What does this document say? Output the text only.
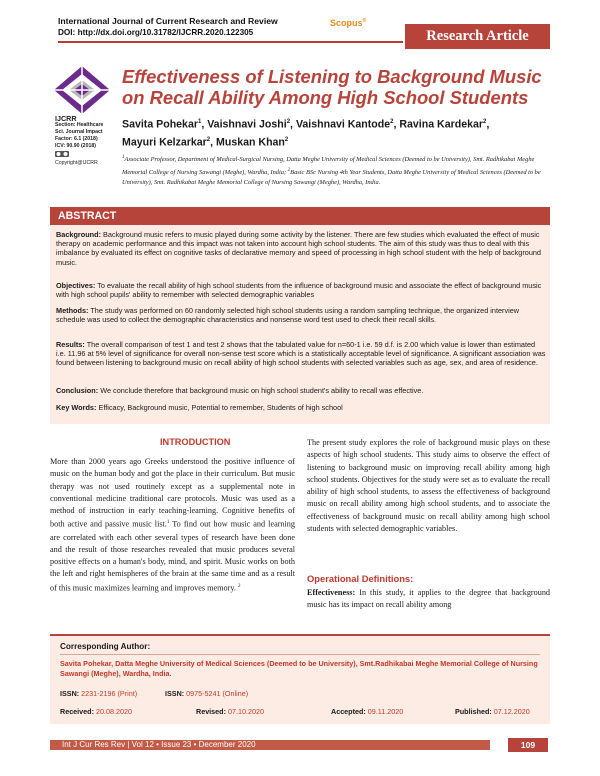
International Journal of Current Research and Review
DOI: http://dx.doi.org/10.31782/IJCRR.2020.122305
Scopus®
Research Article
IJCRR
Section: Healthcare
Sci. Journal Impact
Factor: 6.1 (2018)
ICV: 90.90 (2018)
Copyright@IJCRR
Effectiveness of Listening to Background Music on Recall Ability Among High School Students
Savita Pohekar$^1$, Vaishnavi Joshi$^2$, Vaishnavi Kantode$^2$, Ravina Kardekar$^2$,
Mayuri Kelzarkar$^2$, Muskan Khan$^2$
$^1$Associate Professor, Department of Medical-Surgical Nursing, Datta Meghe University of Medical Sciences (Deemed to be University), Smt. Radhikabai Meghe Memorial College of Nursing Sawangi (Meghe), Wardha, India; $^2$Basic BSc Nursing 4th Year Students, Datta Meghe University of Medical Sciences (Deemed to be University), Smt. Radhikabai Meghe Memorial College of Nursing Sawangi (Meghe), Wardha, India.
ABSTRACT
Background: Background music refers to music played during some activity by the listener. There are few studies which evaluated the effect of music therapy on academic performance and this impact was not taken into account high school students. The aim of this study was thus to deal with this imbalance by evaluated its effect on cognitive tasks of declarative memory and speed of processing in high school student with the help of background music.
Objectives: To evaluate the recall ability of high school students from the influence of background music and associate the effect of background music with high school pupils' ability to remember with selected demographic variables
Methods: The study was performed on 60 randomly selected high school students using a random sampling technique, the organized interview schedule was used to collect the demographic characteristics and nonsense word test used to check their recall skills.
Results: The overall comparison of test 1 and test 2 shows that the tabulated value for n=60-1 i.e. 59 d.f. is 2.00 which value is lower than estimated i.e. 11.96 at 5% level of significance for overall non-sense test score which is a statistically acceptable level of significance. A significant association was found between listening to background music on recall ability of high school students with selected variables such as age, sex, and area of residence.
Conclusion: We conclude therefore that background music on high school student's ability to recall was effective.
Key Words: Efficacy, Background music, Potential to remember, Students of high school
INTRODUCTION
More than 2000 years ago Greeks understood the positive influence of music on the human body and got the place in their curriculum. But music therapy was not used routinely except as a supplemental note in conventional medicine traditional care protocols. Music was used as a method of instruction in early teaching-learning. Cognitive benefits of both active and passive music list.$^1$ To find out how music and learning are correlated with each other several types of research have been done and the result of those researches revealed that music produces several positive effects on a human's body, mind, and spirit. Music works on both the left and right hemispheres of the brain at the same time and as a result of this music maximizes learning and improves memory. $^2$
The present study explores the role of background music plays on these aspects of high school students. This study aims to observe the effect of listening to background music on improving recall ability among high school students. Objectives for the study were set as to evaluate the recall ability of high school students, to assess the effectiveness of background music on recall ability among high school students, and to associate the effectiveness of background music on recall ability among high school students with selected demographic variables.
Operational Definitions:
Effectiveness: In this study, it applies to the degree that background music has its impact on recall ability among
Corresponding Author:
Savita Pohekar, Datta Meghe University of Medical Sciences (Deemed to be University), Smt.Radhikabai Meghe Memorial College of Nursing Sawangi (Meghe), Wardha, India.
ISSN: 2231-2196 (Print)	ISSN: 0975-5241 (Online)
Received: 20.08.2020	Revised: 07.10.2020	Accepted: 09.11.2020	Published: 07.12.2020
Int J Cur Res Rev | Vol 12 • Issue 23 • December 2020	109
